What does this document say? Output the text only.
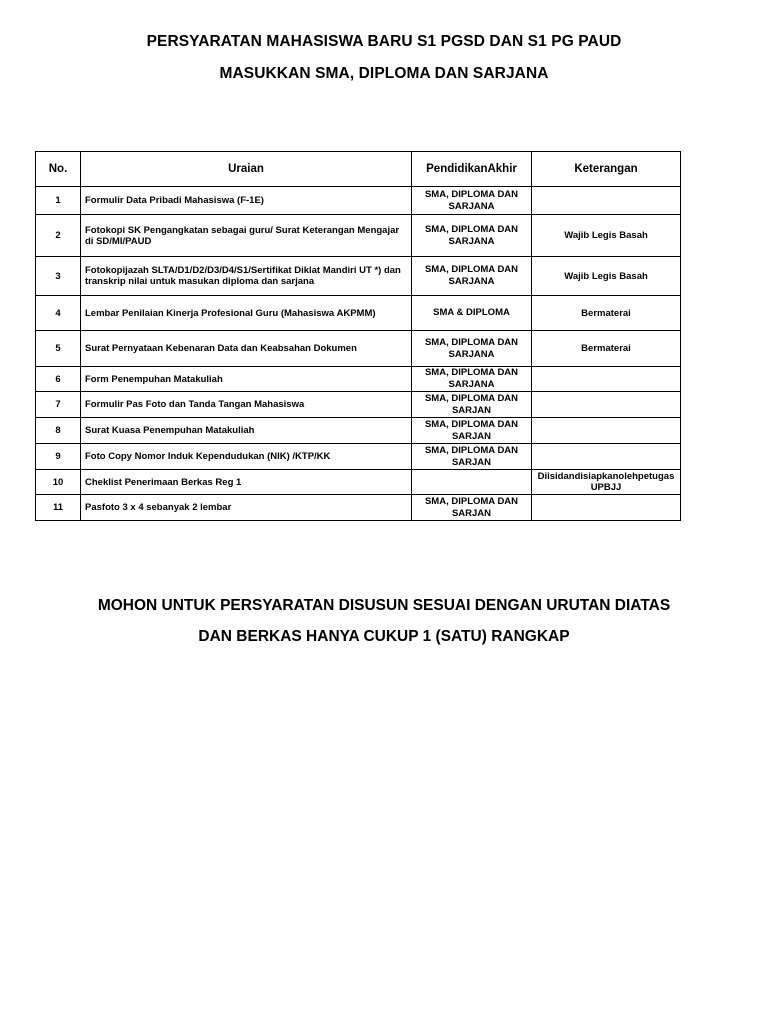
PERSYARATAN MAHASISWA BARU S1 PGSD DAN S1 PG PAUD
MASUKKAN SMA, DIPLOMA DAN SARJANA
No.	Uraian	PendidikanAkhir	Keterangan
1	Formulir Data Pribadi Mahasiswa (F-1E)	SMA, DIPLOMA DAN SARJANA	
2	Fotokopi SK Pengangkatan sebagai guru/ Surat Keterangan Mengajar di SD/MI/PAUD	SMA, DIPLOMA DAN SARJANA	Wajib Legis Basah
3	Fotokopijazah SLTA/D1/D2/D3/D4/S1/Sertifikat Diklat Mandiri UT *) dan transkrip nilai untuk masukan diploma dan sarjana	SMA, DIPLOMA DAN SARJANA	Wajib Legis Basah
4	Lembar Penilaian Kinerja Profesional Guru (Mahasiswa AKPMM)	SMA & DIPLOMA	Bermaterai
5	Surat Pernyataan Kebenaran Data dan Keabsahan Dokumen	SMA, DIPLOMA DAN SARJANA	Bermaterai
6	Form Penempuhan Matakuliah	SMA, DIPLOMA DAN SARJANA	
7	Formulir Pas Foto dan Tanda Tangan Mahasiswa	SMA, DIPLOMA DAN SARJAN	
8	Surat Kuasa Penempuhan Matakuliah	SMA, DIPLOMA DAN SARJAN	
9	Foto Copy Nomor Induk Kependudukan (NIK) /KTP/KK	SMA, DIPLOMA DAN SARJAN	
10	Cheklist Penerimaan Berkas Reg 1		Diisidandisiapkanolehpetugas UPBJJ
11	Pasfoto 3 x 4 sebanyak 2 lembar	SMA, DIPLOMA DAN SARJAN	
MOHON UNTUK PERSYARATAN DISUSUN SESUAI DENGAN URUTAN DIATAS
DAN BERKAS HANYA CUKUP 1 (SATU) RANGKAP
